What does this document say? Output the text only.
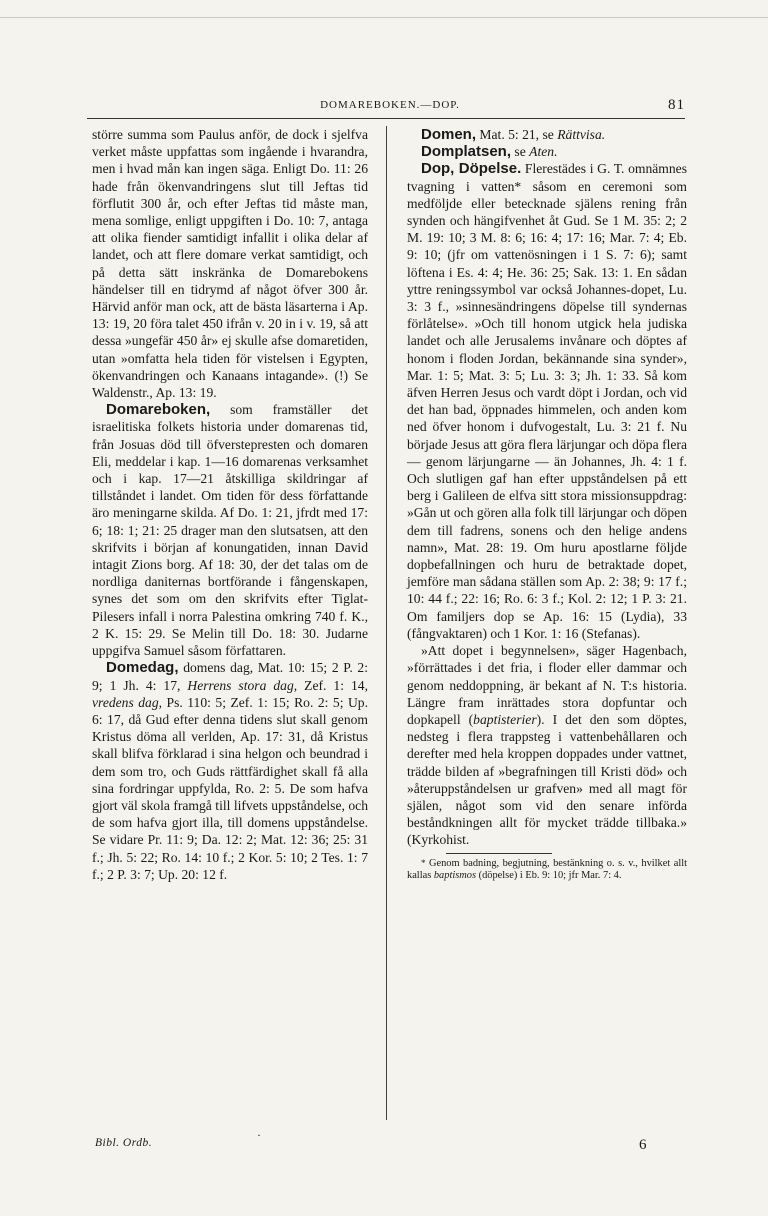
DOMAREBOKEN.—DOP.	81

större summa som Paulus anför, de dock i sjelfva verket måste uppfattas som ingående i hvarandra, men i hvad mån kan ingen säga. Enligt Do. 11: 26 hade från ökenvandringens slut till Jeftas tid förflutit 300 år, och efter Jeftas tid måste man, mena somlige, enligt uppgiften i Do. 10: 7, antaga att olika fiender samtidigt infallit i olika delar af landet, och att flere domare verkat samtidigt, och på detta sätt inskränka de Domarebokens händelser till en tidrymd af något öfver 300 år. Härvid anför man ock, att de bästa läsarterna i Ap. 13: 19, 20 föra talet 450 ifrån v. 20 in i v. 19, så att dessa »ungefär 450 år» ej skulle afse domaretiden, utan »omfatta hela tiden för vistelsen i Egypten, ökenvandringen och Kanaans intagande». (!) Se Waldenstr., Ap. 13: 19.

Domareboken, som framställer det israelitiska folkets historia under domarenas tid, från Josuas död till öfverstepresten och domaren Eli, meddelar i kap. 1—16 domarenas verksamhet och i kap. 17—21 åtskilliga skildringar af tillståndet i landet. Om tiden för dess författande äro meningarne skilda. Af Do. 1: 21, jfrdt med 17: 6; 18: 1; 21: 25 drager man den slutsatsen, att den skrifvits i början af konungatiden, innan David intagit Zions borg. Af 18: 30, der det talas om de nordliga daniternas bortförande i fångenskapen, synes det som om den skrifvits efter Tiglat-Pilesers infall i norra Palestina omkring 740 f. K., 2 K. 15: 29. Se Melin till Do. 18: 30. Judarne uppgifva Samuel såsom författaren.

Domedag, domens dag, Mat. 10: 15; 2 P. 2: 9; 1 Jh. 4: 17, Herrens stora dag, Zef. 1: 14, vredens dag, Ps. 110: 5; Zef. 1: 15; Ro. 2: 5; Up. 6: 17, då Gud efter denna tidens slut skall genom Kristus döma all verlden, Ap. 17: 31, då Kristus skall blifva förklarad i sina helgon och beundrad i dem som tro, och Guds rättfärdighet skall få alla sina fordringar uppfylda, Ro. 2: 5. De som hafva gjort väl skola framgå till lifvets uppståndelse, och de som hafva gjort illa, till domens uppståndelse. Se vidare Pr. 11: 9; Da. 12: 2; Mat. 12: 36; 25: 31 f.; Jh. 5: 22; Ro. 14: 10 f.; 2 Kor. 5: 10; 2 Tes. 1: 7 f.; 2 P. 3: 7; Up. 20: 12 f.

Domen, Mat. 5: 21, se Rättvisa.

Domplatsen, se Aten.

Dop, Döpelse. Flerestädes i G. T. omnämnes tvagning i vatten* såsom en ceremoni som medföljde eller betecknade själens rening från synden och hängifvenhet åt Gud. Se 1 M. 35: 2; 2 M. 19: 10; 3 M. 8: 6; 16: 4; 17: 16; Mar. 7: 4; Eb. 9: 10; (jfr om vattenösningen i 1 S. 7: 6); samt löftena i Es. 4: 4; He. 36: 25; Sak. 13: 1. En sådan yttre reningssymbol var också Johannes-dopet, Lu. 3: 3 f., »sinnesändringens döpelse till syndernas förlåtelse». »Och till honom utgick hela judiska landet och alle Jerusalems invånare och döptes af honom i floden Jordan, bekännande sina synder», Mar. 1: 5; Mat. 3: 5; Lu. 3: 3; Jh. 1: 33. Så kom äfven Herren Jesus och vardt döpt i Jordan, och vid det han bad, öppnades himmelen, och anden kom ned öfver honom i dufvogestalt, Lu. 3: 21 f. Nu började Jesus att göra flera lärjungar och döpa flera — genom lärjungarne — än Johannes, Jh. 4: 1 f. Och slutligen gaf han efter uppståndelsen på ett berg i Galileen de elfva sitt stora missionsuppdrag: »Gån ut och gören alla folk till lärjungar och döpen dem till fadrens, sonens och den helige andens namn», Mat. 28: 19. Om huru apostlarne följde dopbefallningen och huru de betraktade dopet, jemföre man sådana ställen som Ap. 2: 38; 9: 17 f.; 10: 44 f.; 22: 16; Ro. 6: 3 f.; Kol. 2: 12; 1 P. 3: 21. Om familjers dop se Ap. 16: 15 (Lydia), 33 (fångvaktaren) och 1 Kor. 1: 16 (Stefanas).

»Att dopet i begynnelsen», säger Hagenbach, »förrättades i det fria, i floder eller dammar och genom neddoppning, är bekant af N. T:s historia. Längre fram inrättades stora dopfuntar och dopkapell (baptisterier). I det den som döptes, nedsteg i flera trappsteg i vattenbehållaren och derefter med hela kroppen doppades under vattnet, trädde bilden af »begrafningen till Kristi död» och »återuppståndelsen ur grafven» med all magt för själen, något som vid den senare införda beståndkningen allt för mycket trädde tillbaka.» (Kyrkohist.

* Genom badning, begjutning, bestänkning o. s. v., hvilket allt kallas baptismos (döpelse) i Eb. 9: 10; jfr Mar. 7: 4.

Bibl. Ordb.
·
6
